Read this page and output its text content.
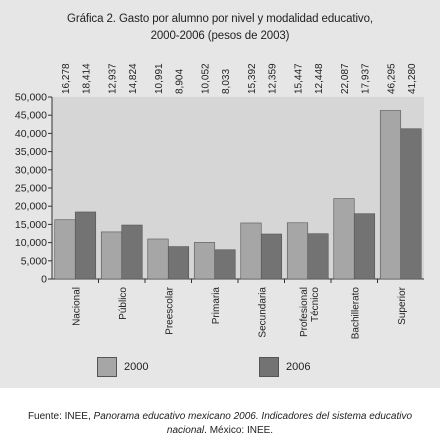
0
5,000
10,000
15,000
20,000
25,000
30,000
35,000
40,000
45,000
50,000
16,278 18,414
Nacional
12,937 14,824
Público
10,991 8,904
Preescolar
10,052 8,033
Primaria
15,392 12,359
Secundaria
15,447 12,448
Profesional Técnico
22,087 17,937
Bachillerato
46,295 41,280
Superior
Gráfica 2. Gasto por alumno por nivel y modalidad educativo,
2000-2006 (pesos de 2003)
2000	2006
Fuente: INEE, Panorama educativo mexicano 2006. Indicadores del sistema educativo
nacional. México: INEE.
